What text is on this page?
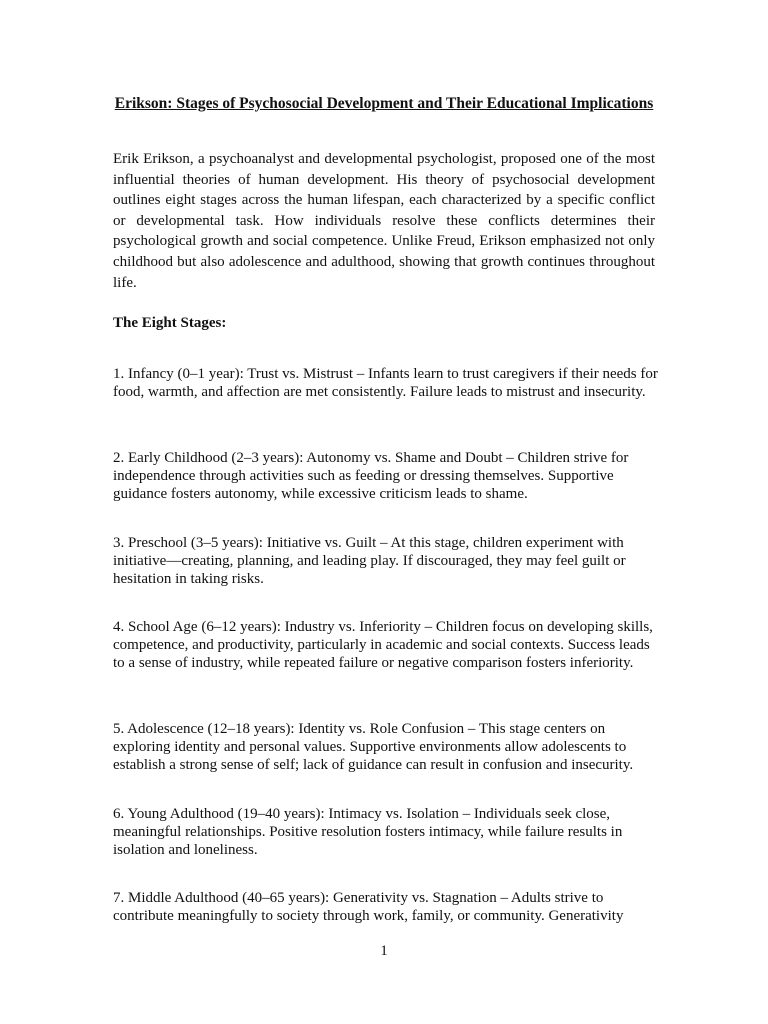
Erikson: Stages of Psychosocial Development and Their Educational Implications

Erik Erikson, a psychoanalyst and developmental psychologist, proposed one of the most influential theories of human development. His theory of psychosocial development outlines eight stages across the human lifespan, each characterized by a specific conflict or developmental task. How individuals resolve these conflicts determines their psychological growth and social competence. Unlike Freud, Erikson emphasized not only childhood but also adolescence and adulthood, showing that growth continues throughout life.

The Eight Stages:

1. Infancy (0–1 year): Trust vs. Mistrust – Infants learn to trust caregivers if their needs for food, warmth, and affection are met consistently. Failure leads to mistrust and insecurity.

2. Early Childhood (2–3 years): Autonomy vs. Shame and Doubt – Children strive for independence through activities such as feeding or dressing themselves. Supportive guidance fosters autonomy, while excessive criticism leads to shame.

3. Preschool (3–5 years): Initiative vs. Guilt – At this stage, children experiment with initiative—creating, planning, and leading play. If discouraged, they may feel guilt or hesitation in taking risks.

4. School Age (6–12 years): Industry vs. Inferiority – Children focus on developing skills, competence, and productivity, particularly in academic and social contexts. Success leads to a sense of industry, while repeated failure or negative comparison fosters inferiority.

5. Adolescence (12–18 years): Identity vs. Role Confusion – This stage centers on exploring identity and personal values. Supportive environments allow adolescents to establish a strong sense of self; lack of guidance can result in confusion and insecurity.

6. Young Adulthood (19–40 years): Intimacy vs. Isolation – Individuals seek close, meaningful relationships. Positive resolution fosters intimacy, while failure results in isolation and loneliness.

7. Middle Adulthood (40–65 years): Generativity vs. Stagnation – Adults strive to contribute meaningfully to society through work, family, or community. Generativity

1
